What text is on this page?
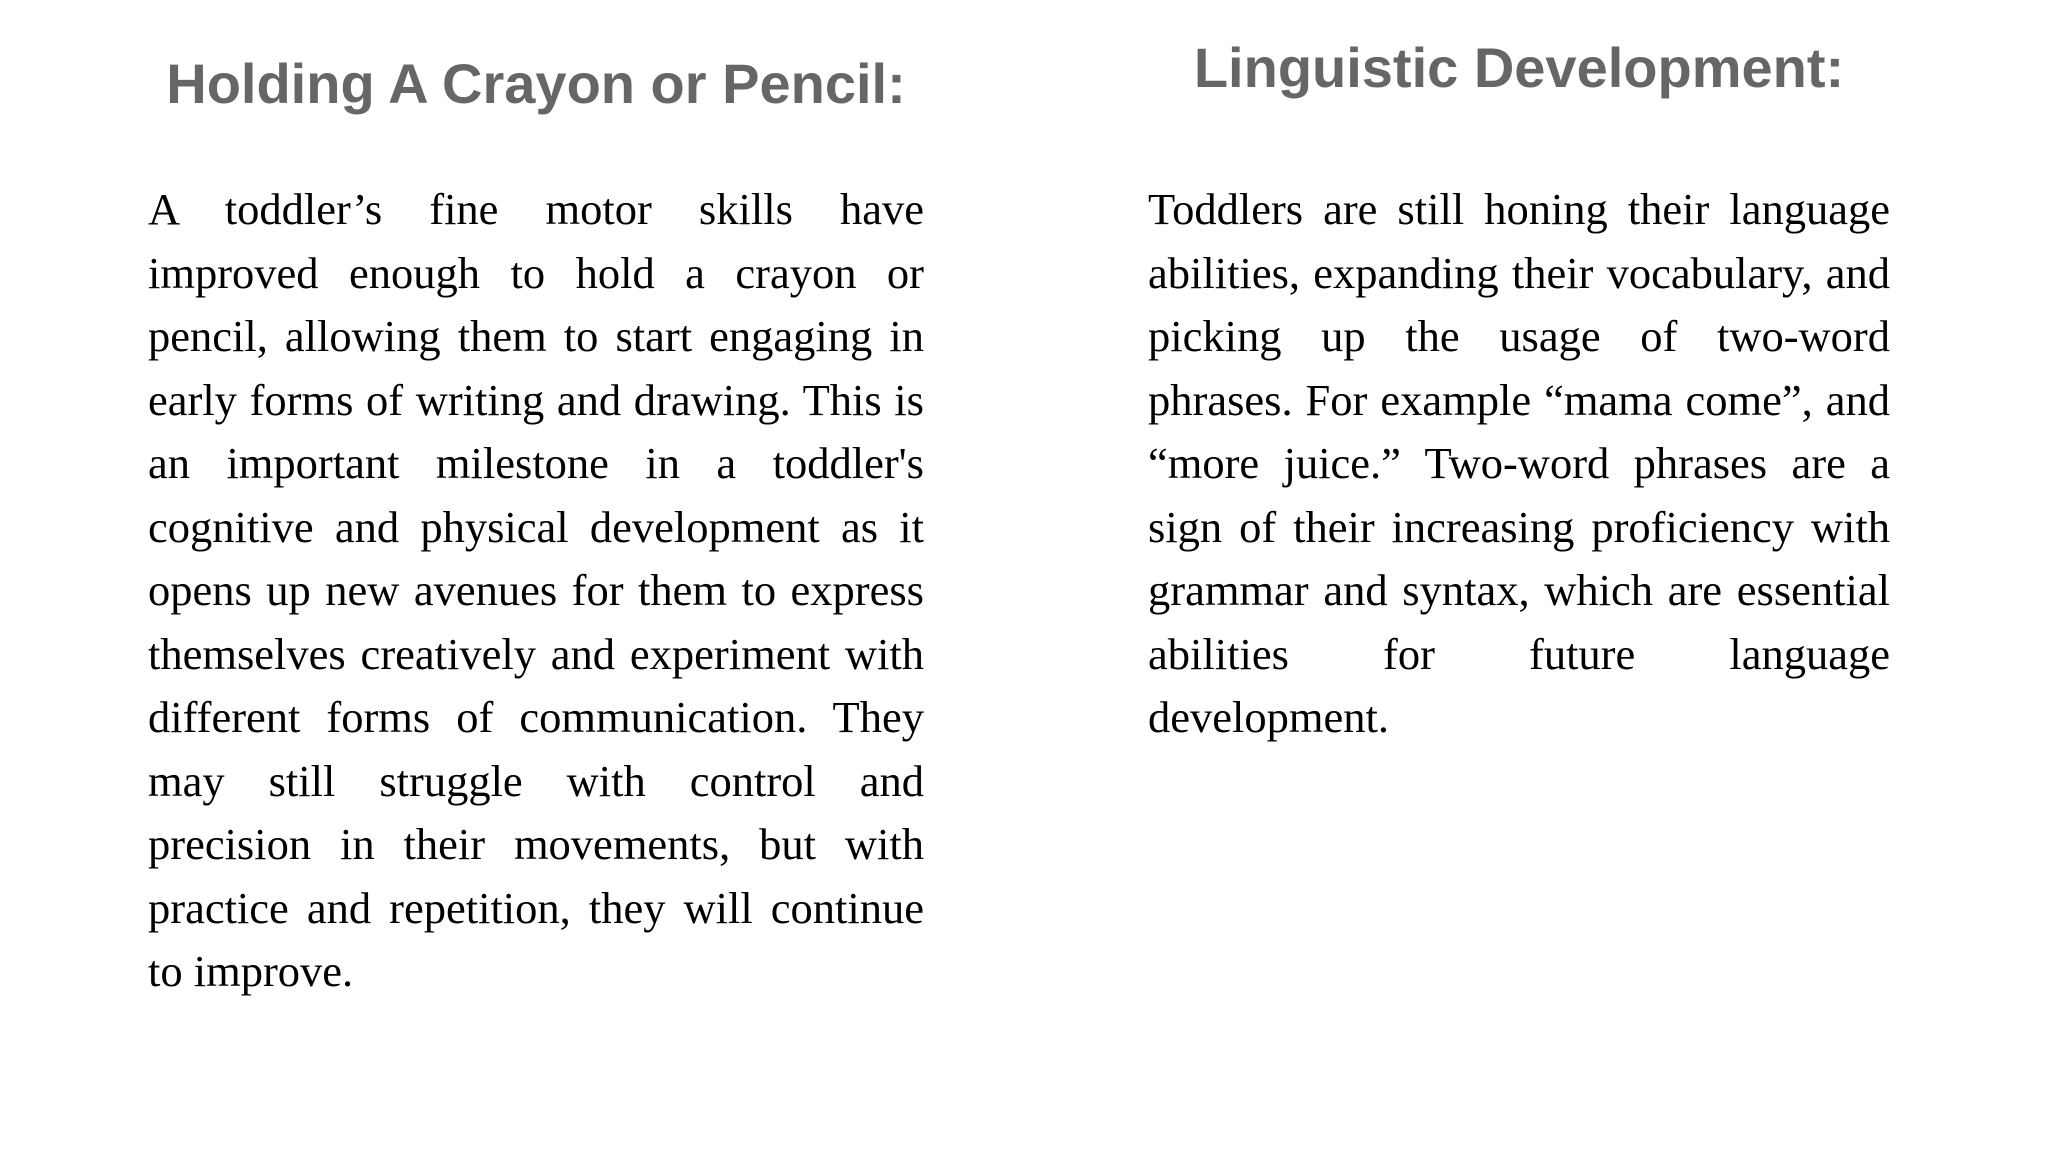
Holding A Crayon or Pencil:

A toddler’s fine motor skills have improved enough to hold a crayon or pencil, allowing them to start engaging in early forms of writing and drawing. This is an important milestone in a toddler's cognitive and physical development as it opens up new avenues for them to express themselves creatively and experiment with different forms of communication. They may still struggle with control and precision in their movements, but with practice and repetition, they will continue to improve.

Linguistic Development:

Toddlers are still honing their language abilities, expanding their vocabulary, and picking up the usage of two-word phrases. For example “mama come”, and “more juice.” Two-word phrases are a sign of their increasing proficiency with grammar and syntax, which are essential abilities for future language development.
